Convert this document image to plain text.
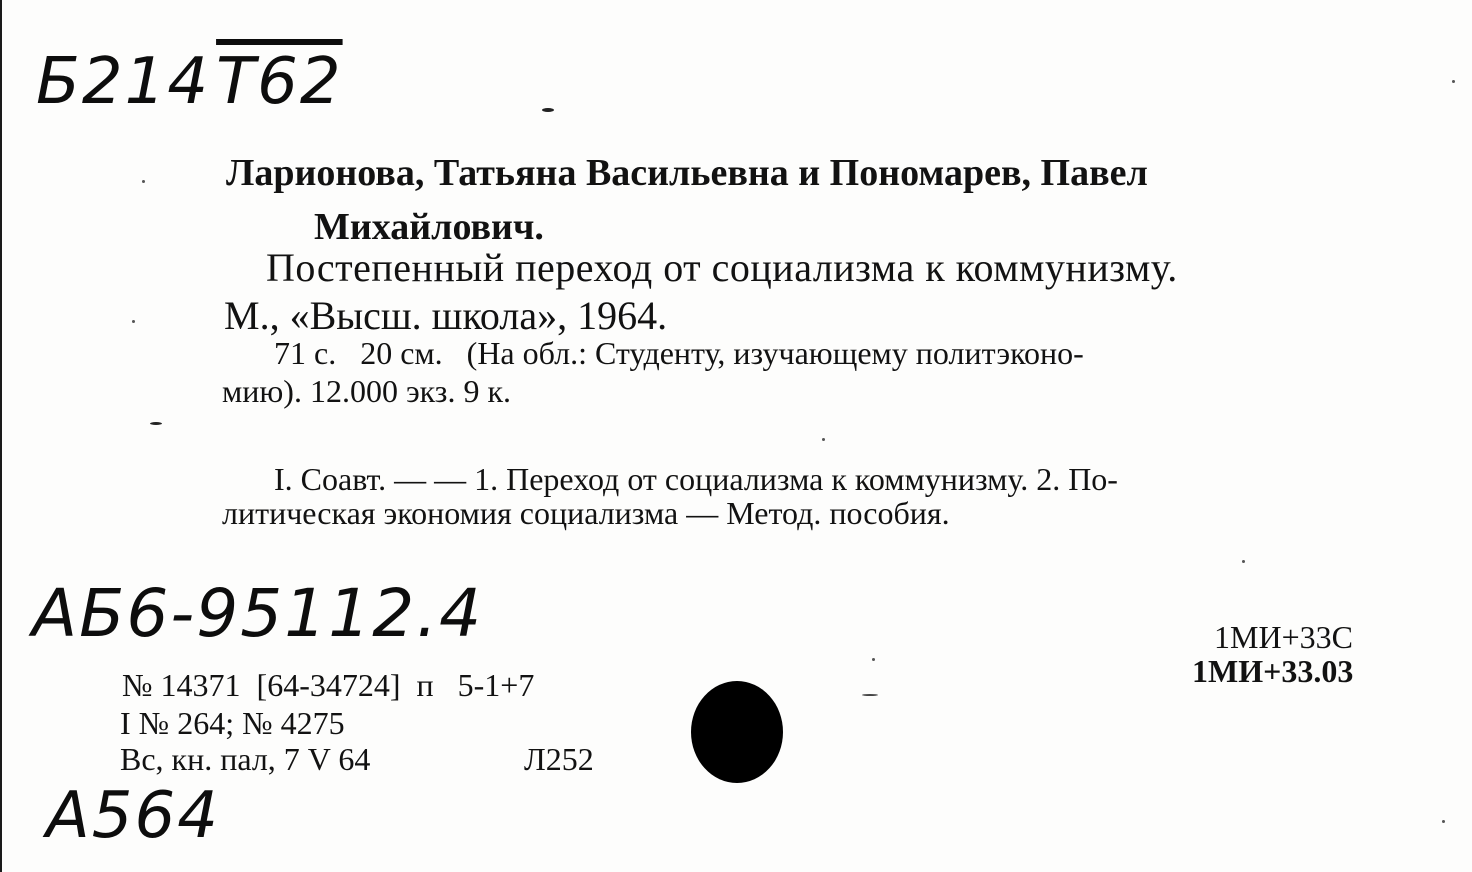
Б214Т62
Ларионова, Татьяна Васильевна и Пономарев, Павел
Михайлович.
Постепенный переход от социализма к коммунизму.
М., «Высш. школа», 1964.
71 с.   20 см.   (На обл.: Студенту, изучающему политэконо-
мию). 12.000 экз. 9 к.
I. Соавт. — — 1. Переход от социализма к коммунизму. 2. По-
литическая экономия социализма — Метод. пособия.
АБ6-95112.4	1МИ+33С
1МИ+33.03
№ 14371  [64-34724]  п   5-1+7
I № 264; № 4275
Вс, кн. пал, 7 V 64	Л252
А564
